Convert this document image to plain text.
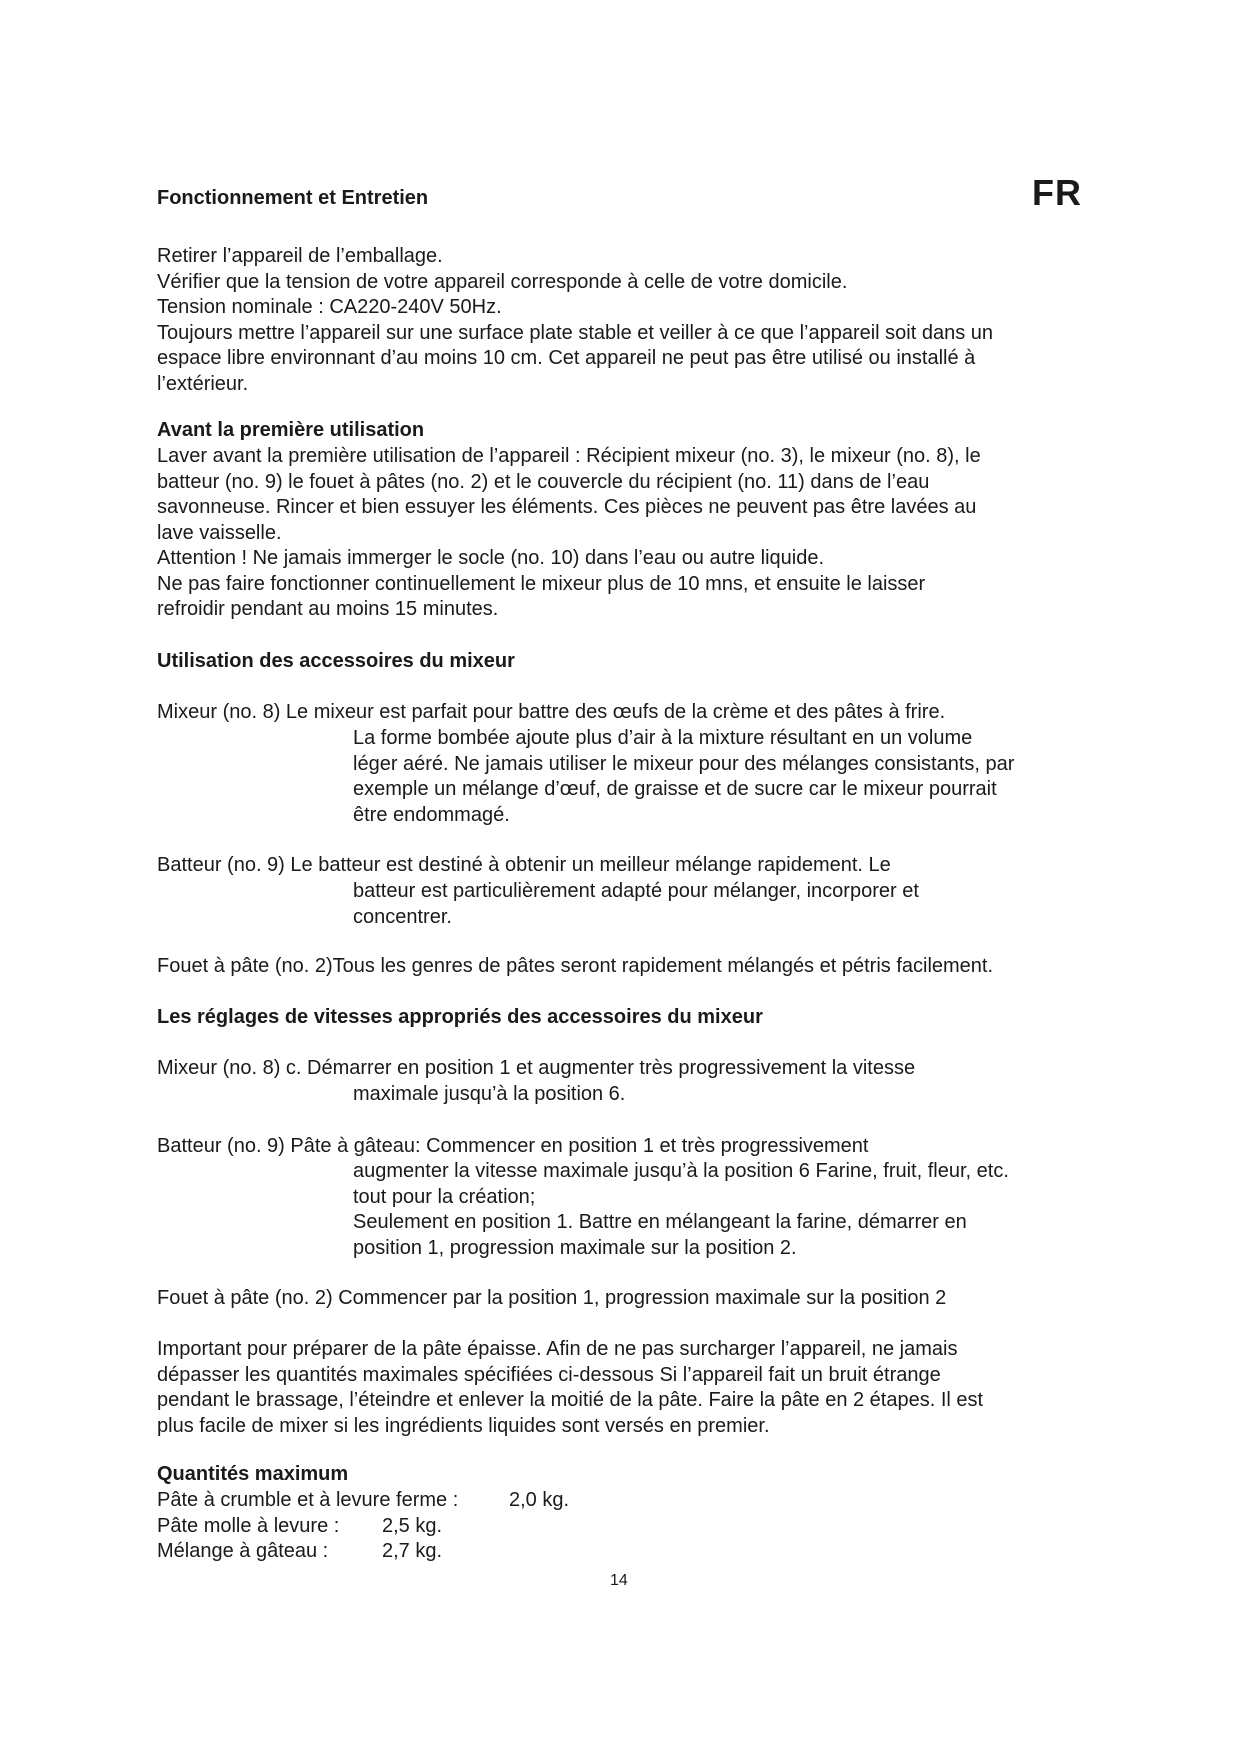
Fonctionnement et Entretien	FR
Retirer l’appareil de l’emballage.
Vérifier que la tension de votre appareil corresponde à celle de votre domicile.
Tension nominale : CA220-240V 50Hz.
Toujours mettre l’appareil sur une surface plate stable et veiller à ce que l’appareil soit dans un
espace libre environnant d’au moins 10 cm. Cet appareil ne peut pas être utilisé ou installé à
l’extérieur.
Avant la première utilisation
Laver avant la première utilisation de l’appareil : Récipient mixeur (no. 3), le mixeur (no. 8), le
batteur (no. 9) le fouet à pâtes (no. 2) et le couvercle du récipient (no. 11) dans de l’eau
savonneuse. Rincer et bien essuyer les éléments. Ces pièces ne peuvent pas être lavées au
lave vaisselle.
Attention ! Ne jamais immerger le socle (no. 10) dans l’eau ou autre liquide.
Ne pas faire fonctionner continuellement le mixeur plus de 10 mns, et ensuite le laisser
refroidir pendant au moins 15 minutes.
Utilisation des accessoires du mixeur
Mixeur (no. 8) Le mixeur est parfait pour battre des œufs de la crème et des pâtes à frire.
La forme bombée ajoute plus d’air à la mixture résultant en un volume
léger aéré. Ne jamais utiliser le mixeur pour des mélanges consistants, par
exemple un mélange d’œuf, de graisse et de sucre car le mixeur pourrait
être endommagé.
Batteur (no. 9) Le batteur est destiné à obtenir un meilleur mélange rapidement. Le
batteur est particulièrement adapté pour mélanger, incorporer et
concentrer.
Fouet à pâte (no. 2)Tous les genres de pâtes seront rapidement mélangés et pétris facilement.
Les réglages de vitesses appropriés des accessoires du mixeur
Mixeur (no. 8) c. Démarrer en position 1 et augmenter très progressivement la vitesse
maximale jusqu’à la position 6.
Batteur (no. 9) Pâte à gâteau: Commencer en position 1 et très progressivement
augmenter la vitesse maximale jusqu’à la position 6 Farine, fruit, fleur, etc.
tout pour la création;
Seulement en position 1. Battre en mélangeant la farine, démarrer en
position 1, progression maximale sur la position 2.
Fouet à pâte (no. 2) Commencer par la position 1, progression maximale sur la position 2
Important pour préparer de la pâte épaisse. Afin de ne pas surcharger l’appareil, ne jamais
dépasser les quantités maximales spécifiées ci-dessous Si l’appareil fait un bruit étrange
pendant le brassage, l’éteindre et enlever la moitié de la pâte. Faire la pâte en 2 étapes. Il est
plus facile de mixer si les ingrédients liquides sont versés en premier.
Quantités maximum
Pâte à crumble et à levure ferme :	2,0 kg.
Pâte molle à levure : 2,5 kg.
Mélange à gâteau :	2,7 kg.
14
